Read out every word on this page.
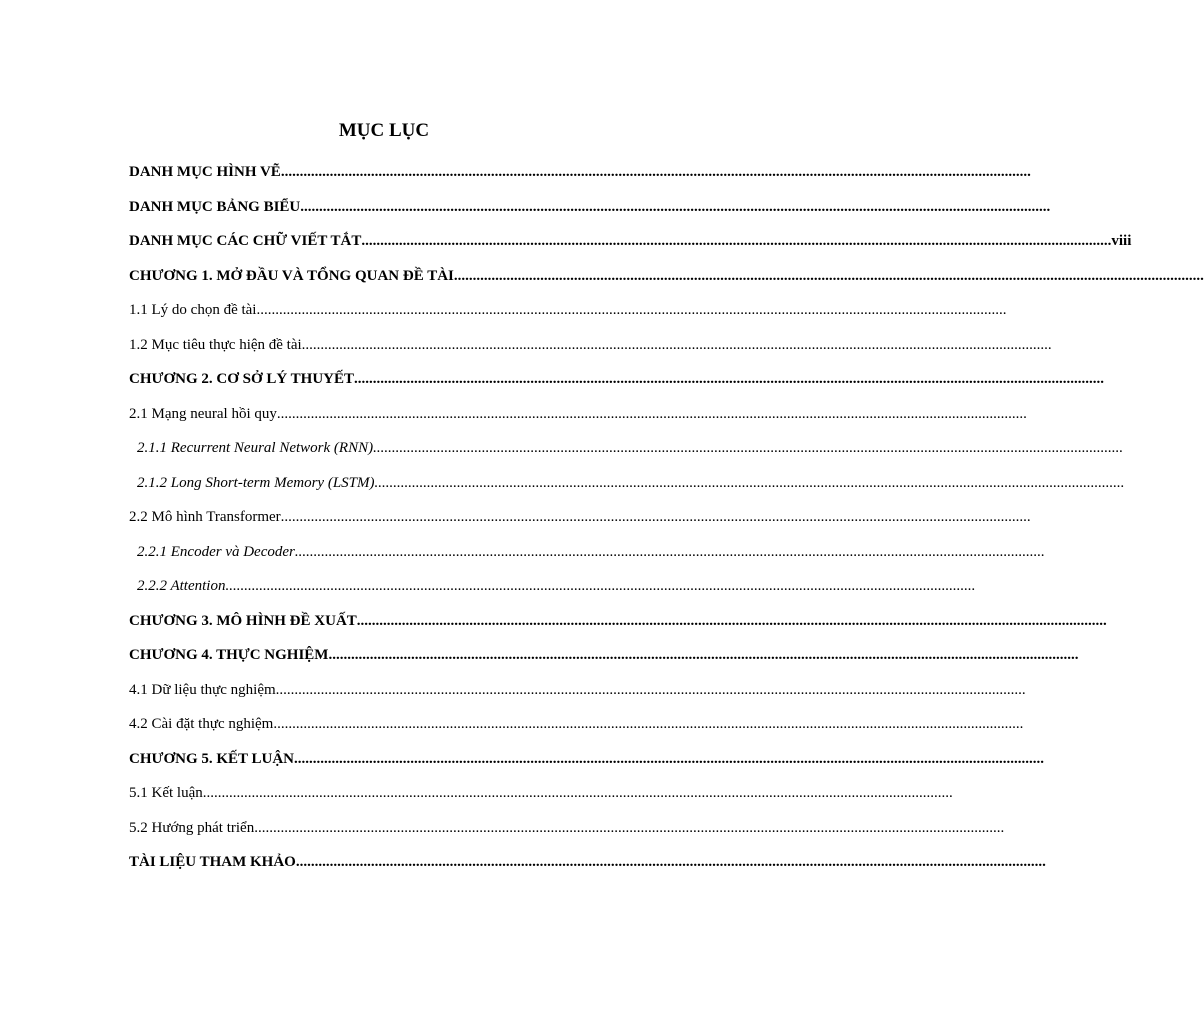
MỤC LỤC
DANH MỤC HÌNH VẼ ........................................................................................................................................................................................................
DANH MỤC BẢNG BIỂU ........................................................................................................................................................................................................
DANH MỤC CÁC CHỮ VIẾT TẮT ........................................................................................................................................................................................................ viii
CHƯƠNG 1. MỞ ĐẦU VÀ TỔNG QUAN ĐỀ TÀI ........................................................................................................................................................................................................
1.1 Lý do chọn đề tài ........................................................................................................................................................................................................
1.2 Mục tiêu thực hiện đề tài ........................................................................................................................................................................................................
CHƯƠNG 2. CƠ SỞ LÝ THUYẾT ........................................................................................................................................................................................................
2.1 Mạng neural hồi quy ........................................................................................................................................................................................................
2.1.1 Recurrent Neural Network (RNN) ........................................................................................................................................................................................................
2.1.2 Long Short-term Memory (LSTM) ........................................................................................................................................................................................................
2.2 Mô hình Transformer ........................................................................................................................................................................................................
2.2.1 Encoder và Decoder ........................................................................................................................................................................................................
2.2.2 Attention ........................................................................................................................................................................................................
CHƯƠNG 3. MÔ HÌNH ĐỀ XUẤT ........................................................................................................................................................................................................
CHƯƠNG 4. THỰC NGHIỆM ........................................................................................................................................................................................................
4.1 Dữ liệu thực nghiệm ........................................................................................................................................................................................................
4.2 Cài đặt thực nghiệm ........................................................................................................................................................................................................
CHƯƠNG 5. KẾT LUẬN ........................................................................................................................................................................................................
5.1 Kết luận ........................................................................................................................................................................................................
5.2 Hướng phát triển ........................................................................................................................................................................................................
TÀI LIỆU THAM KHẢO ........................................................................................................................................................................................................
